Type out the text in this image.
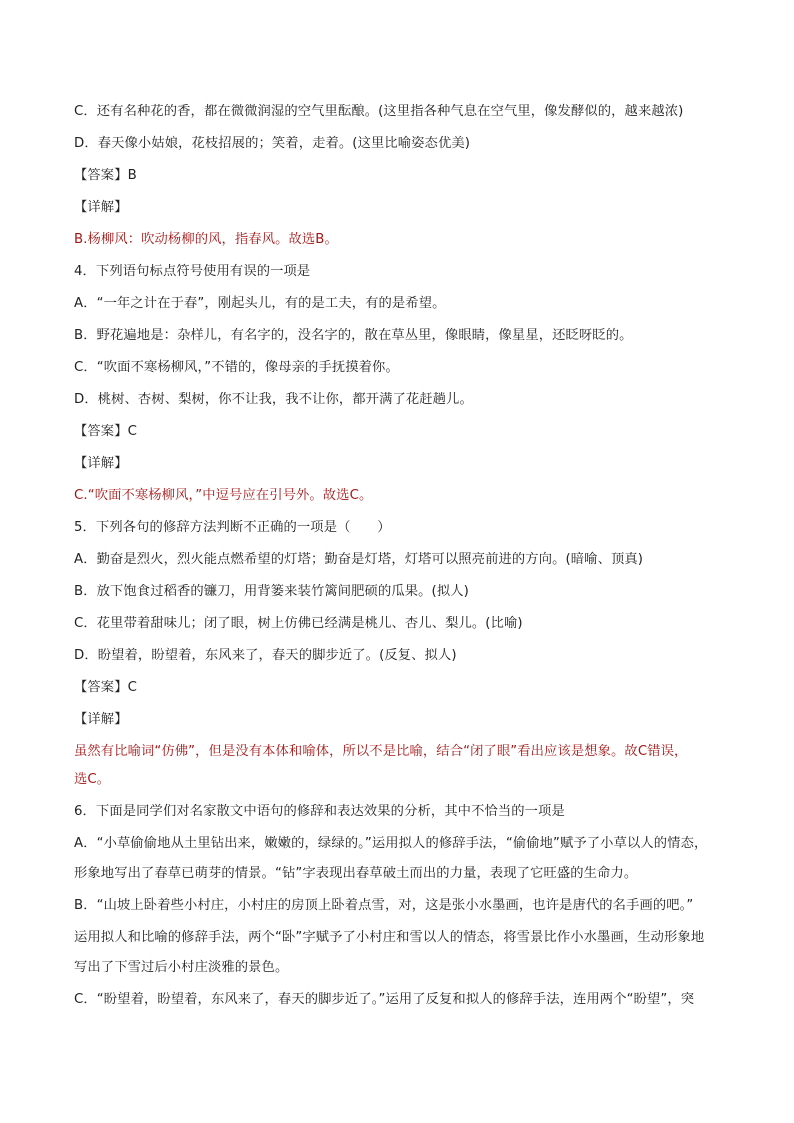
C．还有名种花的香，都在微微润湿的空气里酝酿。(这里指各种气息在空气里，像发酵似的，越来越浓)
D．春天像小姑娘，花枝招展的；笑着，走着。(这里比喻姿态优美)
【答案】B
【详解】
B.杨柳风：吹动杨柳的风，指春风。故选B。
4．下列语句标点符号使用有误的一项是
A．“一年之计在于春”，刚起头儿，有的是工夫，有的是希望。
B．野花遍地是：杂样儿，有名字的，没名字的，散在草丛里，像眼睛，像星星，还眨呀眨的。
C．“吹面不寒杨柳风，”不错的，像母亲的手抚摸着你。
D．桃树、杏树、梨树，你不让我，我不让你，都开满了花赶趟儿。
【答案】C
【详解】
C.“吹面不寒杨柳风，”中逗号应在引号外。故选C。
5．下列各句的修辞方法判断不正确的一项是（　　）
A．勤奋是烈火，烈火能点燃希望的灯塔；勤奋是灯塔，灯塔可以照亮前进的方向。(暗喻、顶真)
B．放下饱食过稻香的镰刀，用背篓来装竹篱间肥硕的瓜果。(拟人)
C．花里带着甜味儿；闭了眼，树上仿佛已经满是桃儿、杏儿、梨儿。(比喻)
D．盼望着，盼望着，东风来了，春天的脚步近了。(反复、拟人)
【答案】C
【详解】
虽然有比喻词“仿佛”，但是没有本体和喻体，所以不是比喻，结合“闭了眼”看出应该是想象。故C错误，
选C。
6．下面是同学们对名家散文中语句的修辞和表达效果的分析，其中不恰当的一项是
A．“小草偷偷地从土里钻出来，嫩嫩的，绿绿的。”运用拟人的修辞手法，“偷偷地”赋予了小草以人的情态，
形象地写出了春草已萌芽的情景。“钻”字表现出春草破土而出的力量，表现了它旺盛的生命力。
B．“山坡上卧着些小村庄，小村庄的房顶上卧着点雪，对，这是张小水墨画，也许是唐代的名手画的吧。”
运用拟人和比喻的修辞手法，两个“卧”字赋予了小村庄和雪以人的情态，将雪景比作小水墨画，生动形象地
写出了下雪过后小村庄淡雅的景色。
C．“盼望着，盼望着，东风来了，春天的脚步近了。”运用了反复和拟人的修辞手法，连用两个“盼望”，突
